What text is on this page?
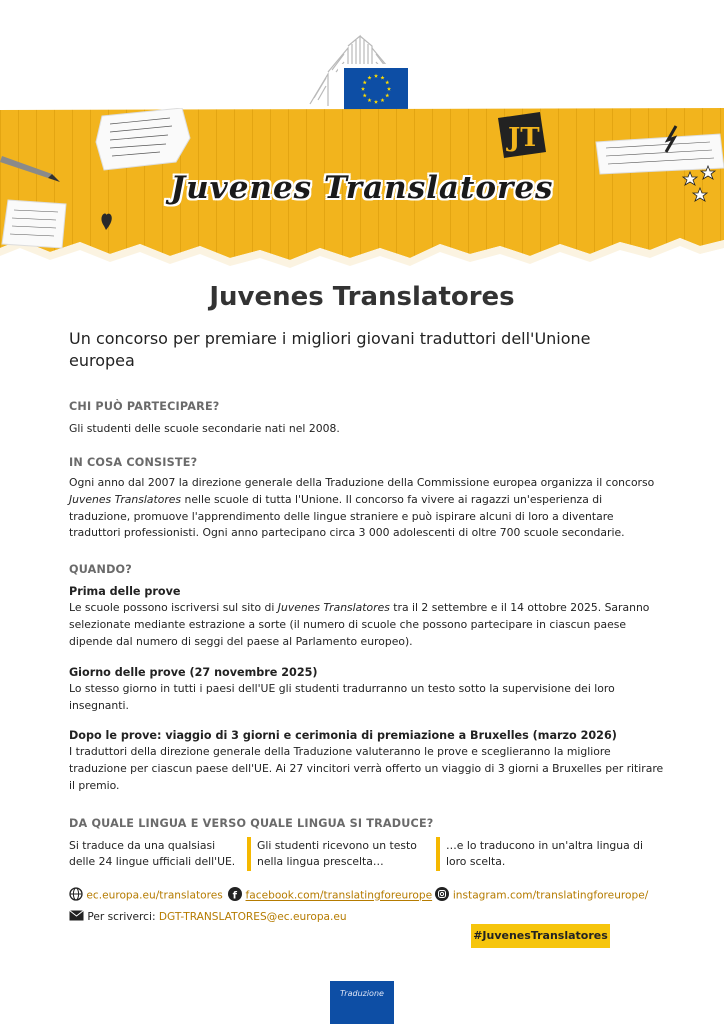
JT
Juvenes Translatores
Juvenes Translatores
Un concorso per premiare i migliori giovani traduttori dell'Unione europea
CHI PUÒ PARTECIPARE?
Gli studenti delle scuole secondarie nati nel 2008.
IN COSA CONSISTE?
Ogni anno dal 2007 la direzione generale della Traduzione della Commissione europea organizza il concorso Juvenes Translatores nelle scuole di tutta l'Unione. Il concorso fa vivere ai ragazzi un'esperienza di traduzione, promuove l'apprendimento delle lingue straniere e può ispirare alcuni di loro a diventare traduttori professionisti. Ogni anno partecipano circa 3 000 adolescenti di oltre 700 scuole secondarie.
QUANDO?
Prima delle prove
Le scuole possono iscriversi sul sito di Juvenes Translatores tra il 2 settembre e il 14 ottobre 2025. Saranno selezionate mediante estrazione a sorte (il numero di scuole che possono partecipare in ciascun paese dipende dal numero di seggi del paese al Parlamento europeo).
Giorno delle prove (27 novembre 2025)
Lo stesso giorno in tutti i paesi dell'UE gli studenti tradurranno un testo sotto la supervisione dei loro insegnanti.
Dopo le prove: viaggio di 3 giorni e cerimonia di premiazione a Bruxelles (marzo 2026)
I traduttori della direzione generale della Traduzione valuteranno le prove e sceglieranno la migliore traduzione per ciascun paese dell'UE. Ai 27 vincitori verrà offerto un viaggio di 3 giorni a Bruxelles per ritirare il premio.
DA QUALE LINGUA E VERSO QUALE LINGUA SI TRADUCE?
Si traduce da una qualsiasi delle 24 lingue ufficiali dell'UE.
Gli studenti ricevono un testo nella lingua prescelta…
…e lo traducono in un'altra lingua di loro scelta.
ec.europa.eu/translatores f facebook.com/translatingforeurope instagram.com/translatingforeurope/
Per scriverci: DGT-TRANSLATORES@ec.europa.eu
#JuvenesTranslatores
Traduzione
